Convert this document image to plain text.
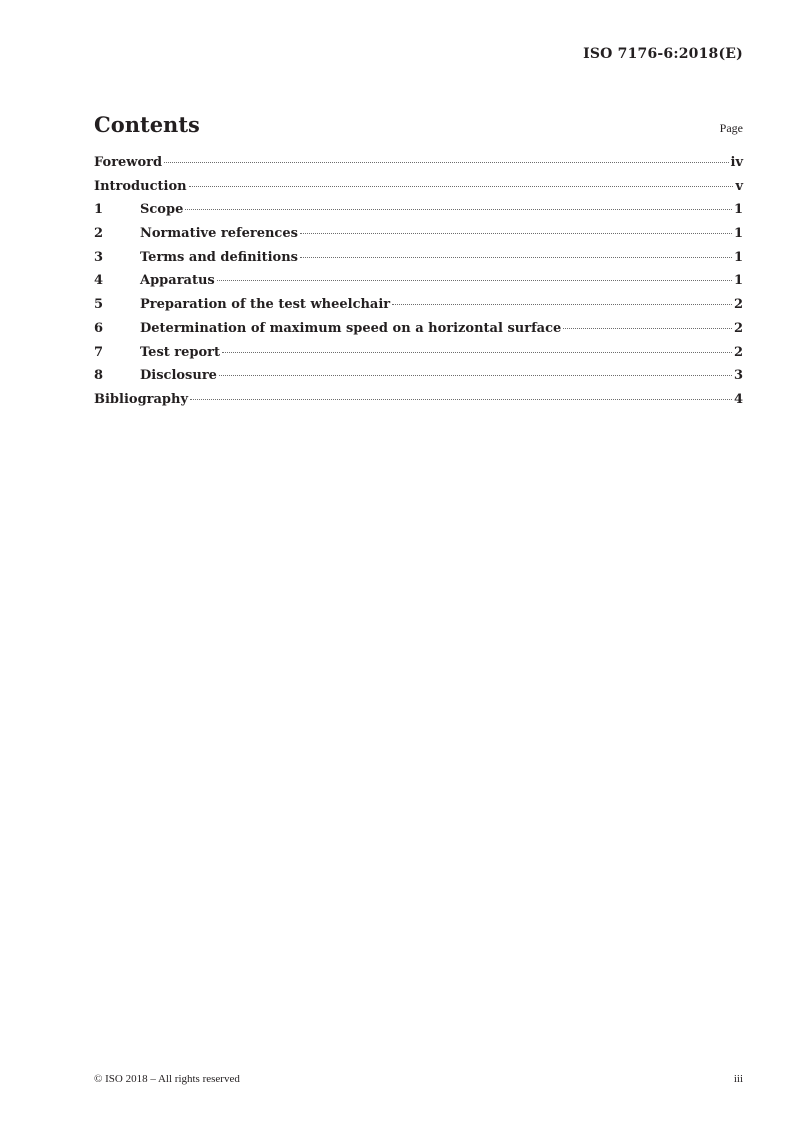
ISO 7176-6:2018(E)
Contents	Page
Foreword	iv
Introduction	v
1	Scope	1
2	Normative references	1
3	Terms and definitions	1
4	Apparatus	1
5	Preparation of the test wheelchair	2
6	Determination of maximum speed on a horizontal surface	2
7	Test report	2
8	Disclosure	3
Bibliography	4
© ISO 2018 – All rights reserved	iii
